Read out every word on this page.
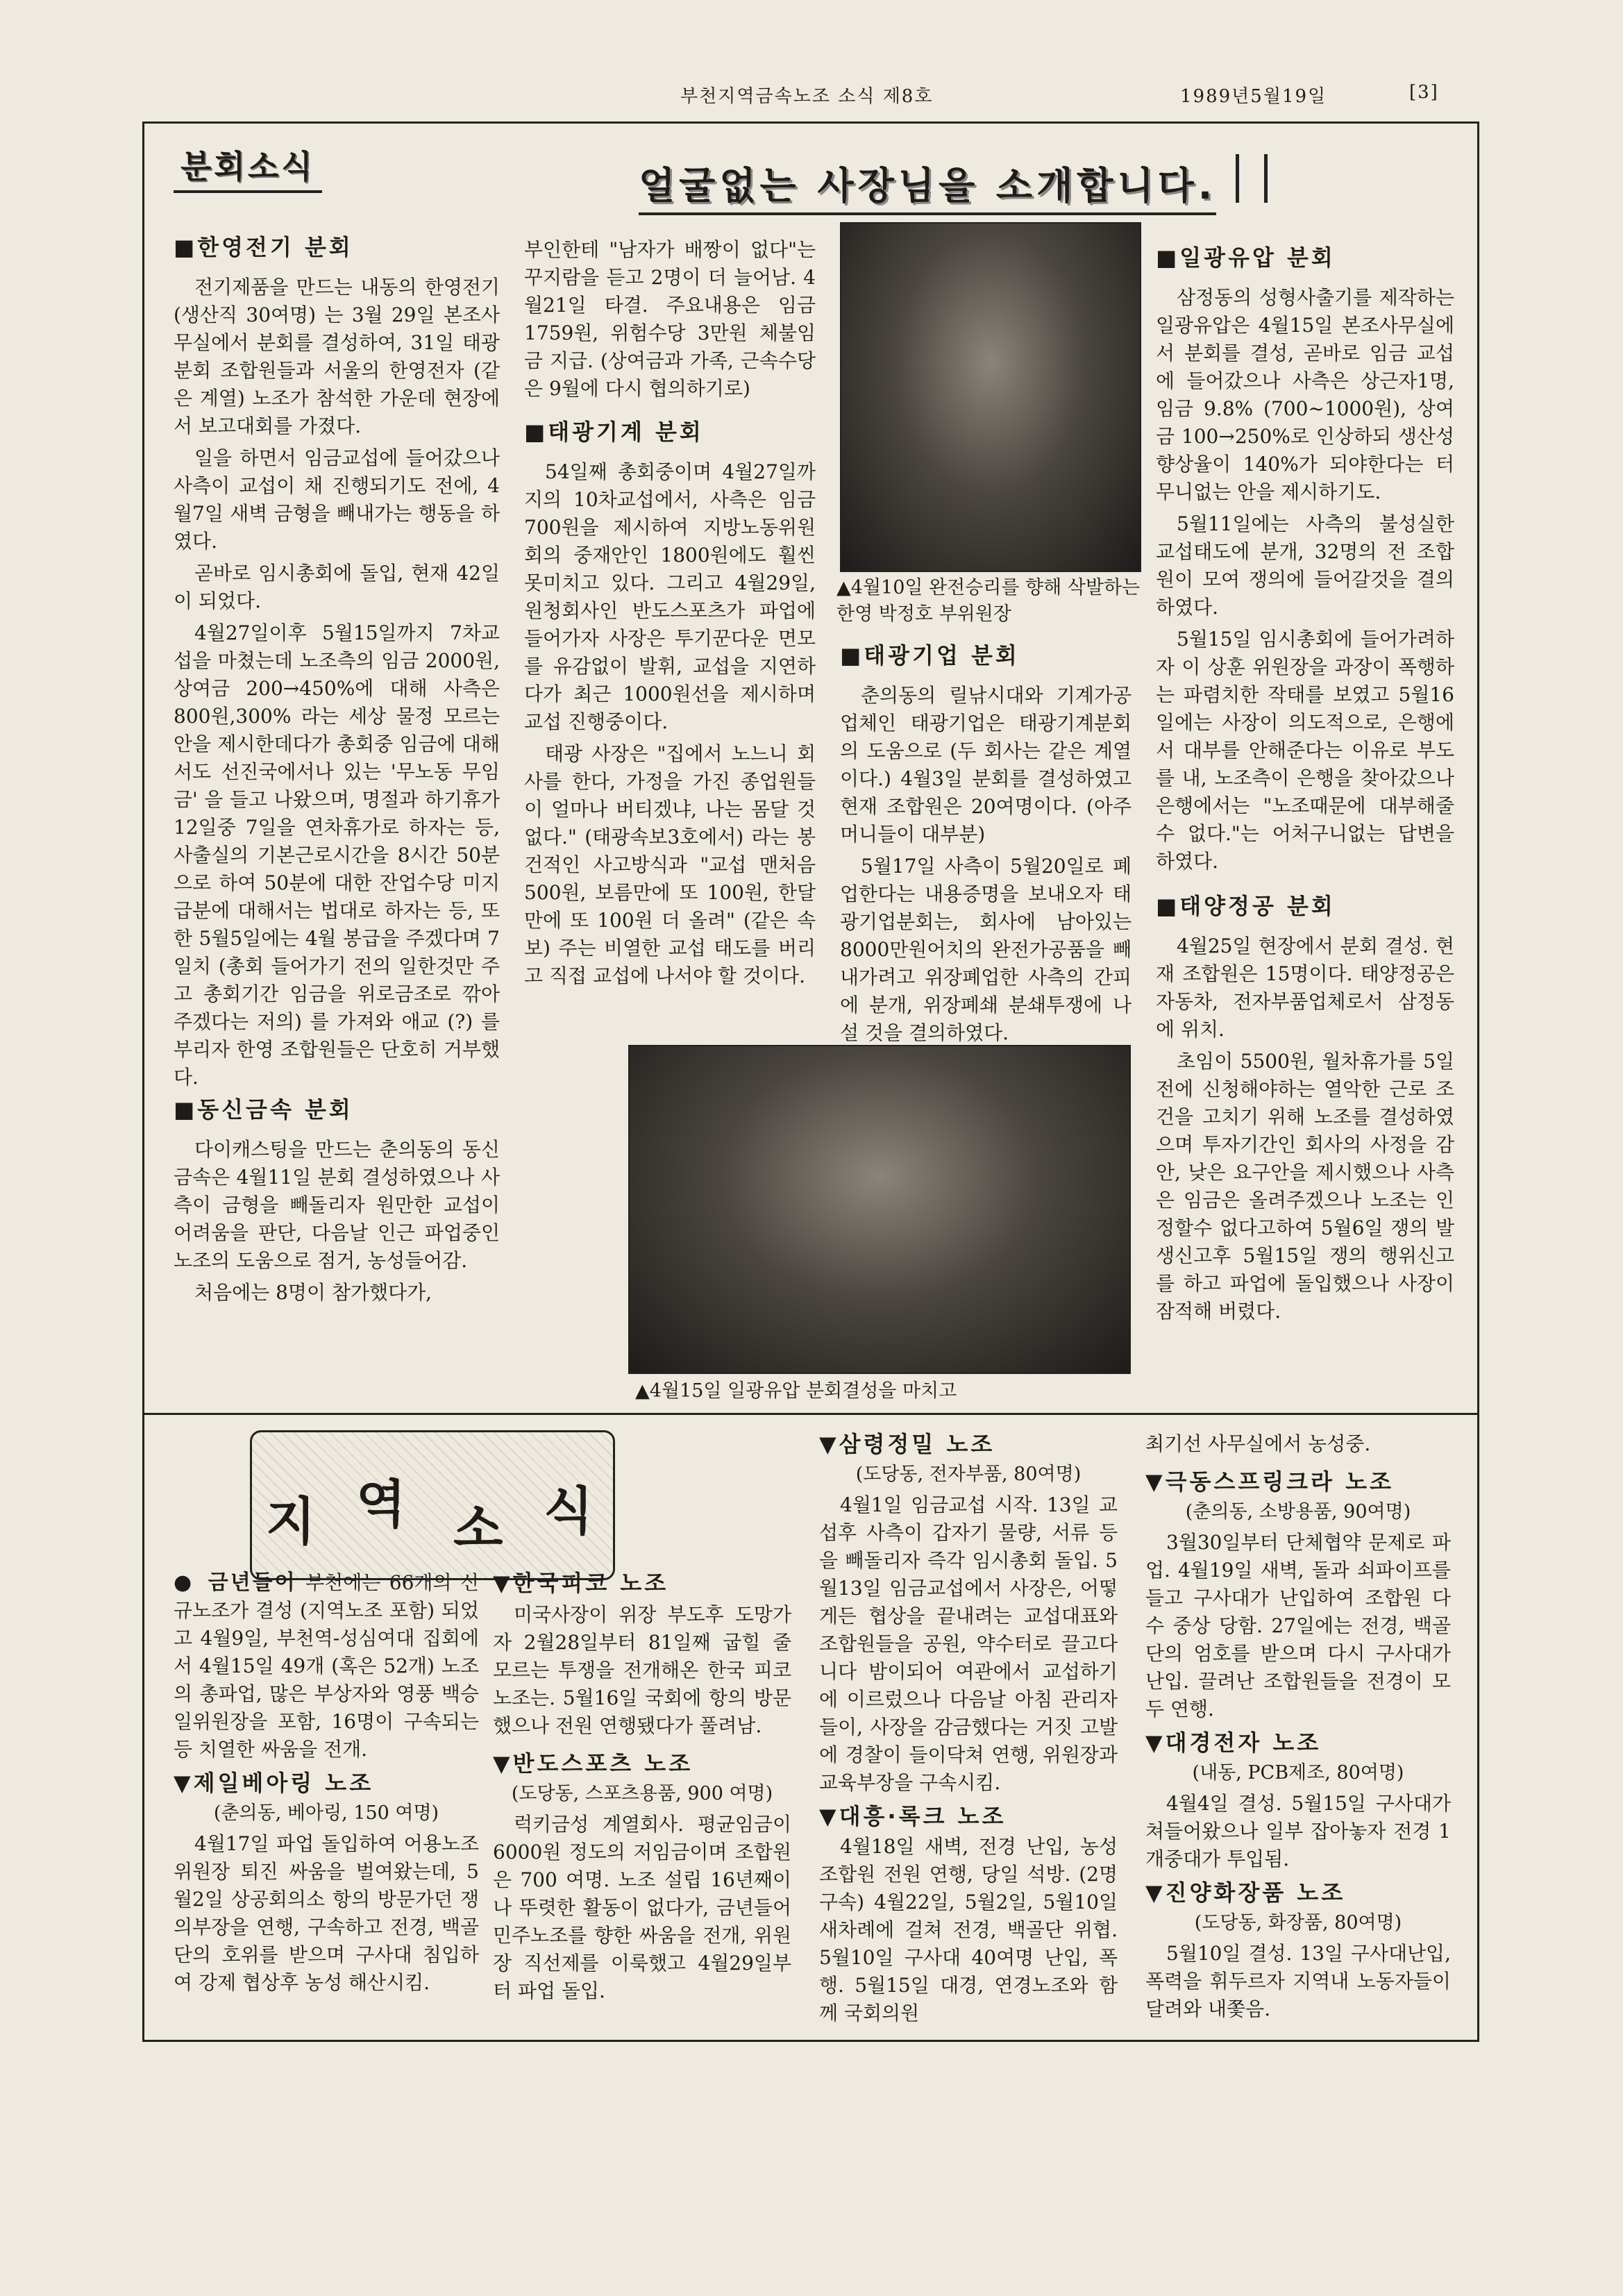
부천지역금속노조 소식 제8호	1989년5월19일	[3]
분회소식	얼굴없는 사장님을 소개합니다.
■한영전기 분회

전기제품을 만드는 내동의 한영전기 (생산직 30여명) 는 3월 29일 본조사무실에서 분회를 결성하여, 31일 태광분회 조합원들과 서울의 한영전자 (같은 계열) 노조가 참석한 가운데 현장에서 보고대회를 가졌다.

일을 하면서 임금교섭에 들어갔으나 사측이 교섭이 채 진행되기도 전에, 4월7일 새벽 금형을 빼내가는 행동을 하였다.

곧바로 임시총회에 돌입, 현재 42일이 되었다.

4월27일이후 5월15일까지 7차교섭을 마쳤는데 노조측의 임금 2000원, 상여금 200→450%에 대해 사측은 800원,300% 라는 세상 물정 모르는 안을 제시한데다가 총회중 임금에 대해서도 선진국에서나 있는 '무노동 무임금' 을 들고 나왔으며, 명절과 하기휴가 12일중 7일을 연차휴가로 하자는 등, 사출실의 기본근로시간을 8시간 50분으로 하여 50분에 대한 잔업수당 미지급분에 대해서는 법대로 하자는 등, 또한 5월5일에는 4월 봉급을 주겠다며 7일치 (총회 들어가기 전의 일한것만 주고 총회기간 임금을 위로금조로 깎아 주겠다는 저의) 를 가져와 애교 (?) 를 부리자 한영 조합원들은 단호히 거부했다.

■동신금속 분회

다이캐스팅을 만드는 춘의동의 동신금속은 4월11일 분회 결성하였으나 사측이 금형을 빼돌리자 원만한 교섭이 어려움을 판단, 다음날 인근 파업중인 노조의 도움으로 점거, 농성들어감.

처음에는 8명이 참가했다가,

부인한테 "남자가 배짱이 없다"는 꾸지람을 듣고 2명이 더 늘어남. 4월21일 타결. 주요내용은 임금 1759원, 위험수당 3만원 체불임금 지급. (상여금과 가족, 근속수당은 9월에 다시 협의하기로)

■태광기계 분회

54일째 총회중이며 4월27일까지의 10차교섭에서, 사측은 임금 700원을 제시하여 지방노동위원회의 중재안인 1800원에도 훨씬 못미치고 있다. 그리고 4월29일, 원청회사인 반도스포츠가 파업에 들어가자 사장은 투기꾼다운 면모를 유감없이 발휘, 교섭을 지연하다가 최근 1000원선을 제시하며 교섭 진행중이다.

태광 사장은 "집에서 노느니 회사를 한다, 가정을 가진 종업원들이 얼마나 버티겠냐, 나는 몸달 것 없다." (태광속보3호에서) 라는 봉건적인 사고방식과 "교섭 맨처음 500원, 보름만에 또 100원, 한달만에 또 100원 더 올려" (같은 속보) 주는 비열한 교섭 태도를 버리고 직접 교섭에 나서야 할 것이다.

▲4월10일 완전승리를 향해 삭발하는 한영 박정호 부위원장
■태광기업 분회

춘의동의 릴낚시대와 기계가공업체인 태광기업은 태광기계분회의 도움으로 (두 회사는 같은 계열이다.) 4월3일 분회를 결성하였고 현재 조합원은 20여명이다. (아주머니들이 대부분)

5월17일 사측이 5월20일로 폐업한다는 내용증명을 보내오자 태광기업분회는, 회사에 남아있는 8000만원어치의 완전가공품을 빼내가려고 위장폐업한 사측의 간피에 분개, 위장폐쇄 분쇄투쟁에 나설 것을 결의하였다.

■일광유압 분회

삼정동의 성형사출기를 제작하는 일광유압은 4월15일 본조사무실에서 분회를 결성, 곧바로 임금 교섭에 들어갔으나 사측은 상근자1명, 임금 9.8% (700~1000원), 상여금 100→250%로 인상하되 생산성 향상율이 140%가 되야한다는 터무니없는 안을 제시하기도.

5월11일에는 사측의 불성실한 교섭태도에 분개, 32명의 전 조합원이 모여 쟁의에 들어갈것을 결의하였다.

5월15일 임시총회에 들어가려하자 이 상훈 위원장을 과장이 폭행하는 파렴치한 작태를 보였고 5월16일에는 사장이 의도적으로, 은행에서 대부를 안해준다는 이유로 부도를 내, 노조측이 은행을 찾아갔으나 은행에서는 "노조때문에 대부해줄수 없다."는 어처구니없는 답변을 하였다.

■태양정공 분회

4월25일 현장에서 분회 결성. 현재 조합원은 15명이다. 태양정공은 자동차, 전자부품업체로서 삼정동에 위치.

초임이 5500원, 월차휴가를 5일전에 신청해야하는 열악한 근로 조건을 고치기 위해 노조를 결성하였으며 투자기간인 회사의 사정을 감안, 낮은 요구안을 제시했으나 사측은 임금은 올려주겠으나 노조는 인정할수 없다고하여 5월6일 쟁의 발생신고후 5월15일 쟁의 행위신고를 하고 파업에 돌입했으나 사장이 잠적해 버렸다.

▲4월15일 일광유압 분회결성을 마치고
지 역 소 식

● 금년들어 부천에는 66개의 신규노조가 결성 (지역노조 포함) 되었고 4월9일, 부천역-성심여대 집회에서 4월15일 49개 (혹은 52개) 노조의 총파업, 많은 부상자와 영풍 백승일위원장을 포함, 16명이 구속되는 등 치열한 싸움을 전개.

▼제일베아링 노조
(춘의동, 베아링, 150 여명)

4월17일 파업 돌입하여 어용노조위원장 퇴진 싸움을 벌여왔는데, 5월2일 상공회의소 항의 방문가던 쟁의부장을 연행, 구속하고 전경, 백골단의 호위를 받으며 구사대 침입하여 강제 협상후 농성 해산시킴.

▼한국피코 노조

미국사장이 위장 부도후 도망가자 2월28일부터 81일째 굽힐 줄 모르는 투쟁을 전개해온 한국 피코노조는. 5월16일 국회에 항의 방문했으나 전원 연행됐다가 풀려남.

▼반도스포츠 노조
(도당동, 스포츠용품, 900 여명)

럭키금성 계열회사. 평균임금이 6000원 정도의 저임금이며 조합원은 700 여명. 노조 설립 16년째이나 뚜렷한 활동이 없다가, 금년들어 민주노조를 향한 싸움을 전개, 위원장 직선제를 이룩했고 4월29일부터 파업 돌입.

▼삼령정밀 노조
(도당동, 전자부품, 80여명)

4월1일 임금교섭 시작. 13일 교섭후 사측이 갑자기 물량, 서류 등을 빼돌리자 즉각 임시총회 돌입. 5월13일 임금교섭에서 사장은, 어떻게든 협상을 끝내려는 교섭대표와 조합원들을 공원, 약수터로 끌고다니다 밤이되어 여관에서 교섭하기에 이르렀으나 다음날 아침 관리자들이, 사장을 감금했다는 거짓 고발에 경찰이 들이닥쳐 연행, 위원장과 교육부장을 구속시킴.

▼대흥·록크 노조

4월18일 새벽, 전경 난입, 농성 조합원 전원 연행, 당일 석방. (2명구속) 4월22일, 5월2일, 5월10일 새차례에 걸쳐 전경, 백골단 위협. 5월10일 구사대 40여명 난입, 폭행. 5월15일 대경, 연경노조와 함께 국회의원

최기선 사무실에서 농성중.

▼극동스프링크라 노조
(춘의동, 소방용품, 90여명)

3월30일부터 단체협약 문제로 파업. 4월19일 새벽, 돌과 쇠파이프를 들고 구사대가 난입하여 조합원 다수 중상 당함. 27일에는 전경, 백골단의 엄호를 받으며 다시 구사대가 난입. 끌려난 조합원들을 전경이 모두 연행.

▼대경전자 노조
(내동, PCB제조, 80여명)

4월4일 결성. 5월15일 구사대가 쳐들어왔으나 일부 잡아놓자 전경 1개중대가 투입됨.

▼진양화장품 노조
(도당동, 화장품, 80여명)

5월10일 결성. 13일 구사대난입, 폭력을 휘두르자 지역내 노동자들이 달려와 내쫓음.
